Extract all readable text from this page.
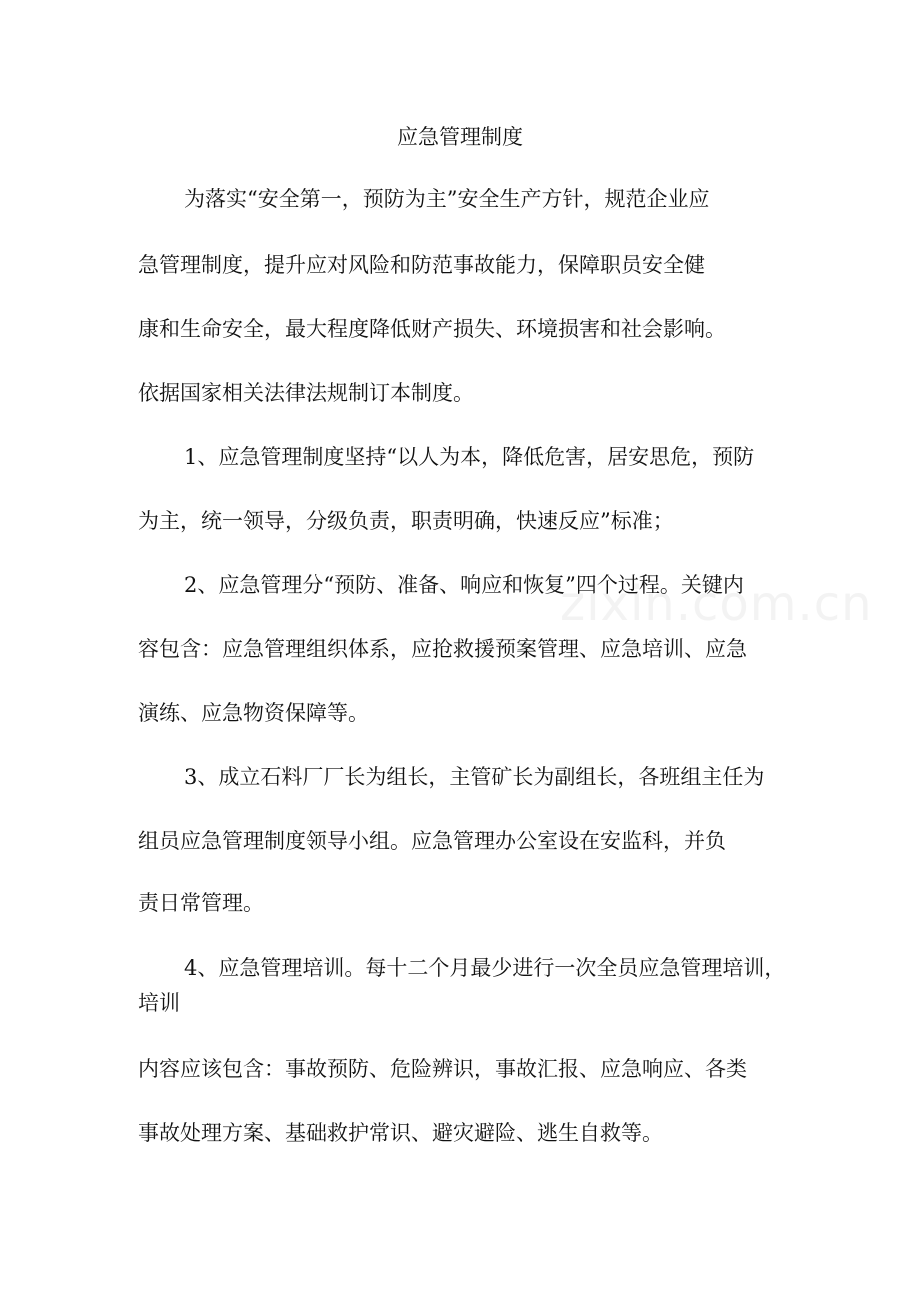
应急管理制度
为落实“安全第一，预防为主”安全生产方针，规范企业应
急管理制度，提升应对风险和防范事故能力，保障职员安全健
康和生命安全，最大程度降低财产损失、环境损害和社会影响。
依据国家相关法律法规制订本制度。
1、应急管理制度坚持“以人为本，降低危害，居安思危，预防
为主，统一领导，分级负责，职责明确，快速反应”标准；
2、应急管理分“预防、准备、响应和恢复”四个过程。关键内
容包含：应急管理组织体系，应抢救援预案管理、应急培训、应急
演练、应急物资保障等。
3、成立石料厂厂长为组长，主管矿长为副组长，各班组主任为
组员应急管理制度领导小组。应急管理办公室设在安监科，并负
责日常管理。
4、应急管理培训。每十二个月最少进行一次全员应急管理培训，
培训
内容应该包含：事故预防、危险辨识，事故汇报、应急响应、各类
事故处理方案、基础救护常识、避灾避险、逃生自救等。
zixin.com.cn
